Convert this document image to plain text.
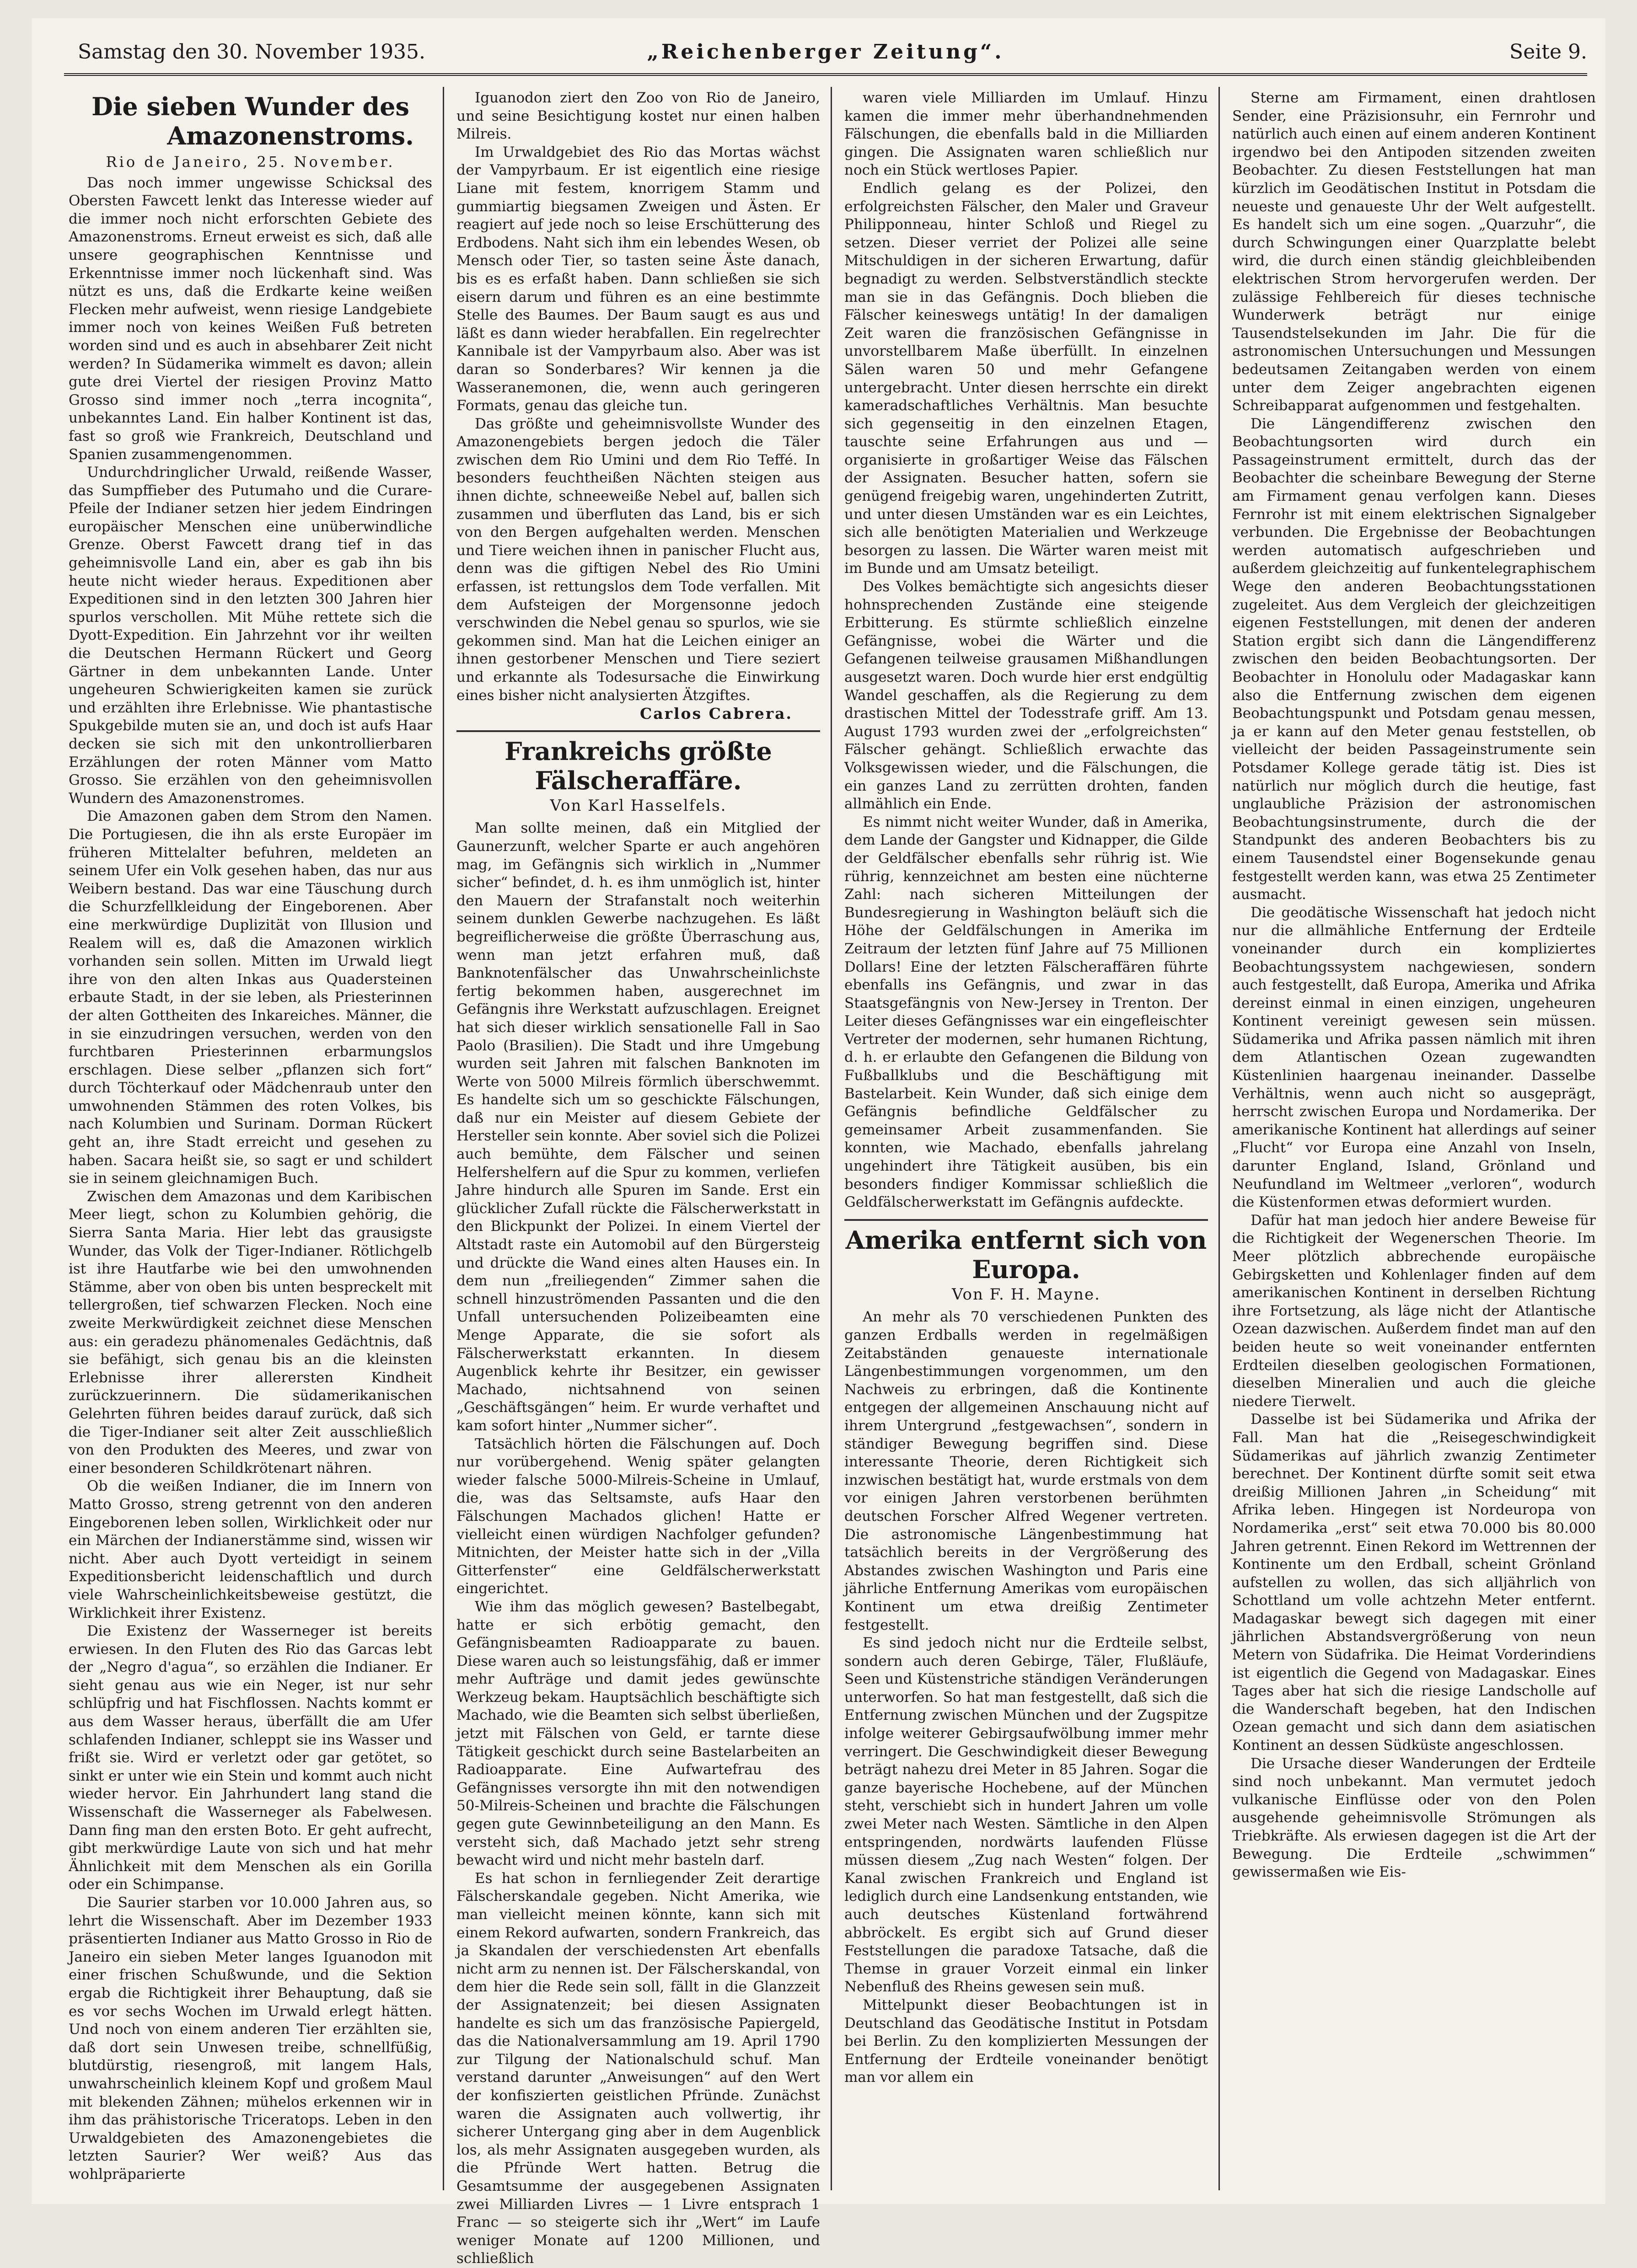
Samstag den 30. November 1935.	„Reichenberger Zeitung“.	Seite 9.
Die sieben Wunder des
Amazonenstroms.
Rio de Janeiro, 25. November.

Das noch immer ungewisse Schicksal des Obersten Fawcett lenkt das Interesse wieder auf die immer noch nicht erforschten Gebiete des Amazonenstroms. Erneut erweist es sich, daß alle unsere geographischen Kenntnisse und Erkenntnisse immer noch lückenhaft sind. Was nützt es uns, daß die Erdkarte keine weißen Flecken mehr aufweist, wenn riesige Landgebiete immer noch von keines Weißen Fuß betreten worden sind und es auch in absehbarer Zeit nicht werden? In Südamerika wimmelt es davon; allein gute drei Viertel der riesigen Provinz Matto Grosso sind immer noch „terra incognita“, unbekanntes Land. Ein halber Kontinent ist das, fast so groß wie Frankreich, Deutschland und Spanien zusammengenommen.

Undurchdringlicher Urwald, reißende Wasser, das Sumpffieber des Putumaho und die Curare-Pfeile der Indianer setzen hier jedem Eindringen europäischer Menschen eine unüberwindliche Grenze. Oberst Fawcett drang tief in das geheimnisvolle Land ein, aber es gab ihn bis heute nicht wieder heraus. Expeditionen aber Expeditionen sind in den letzten 300 Jahren hier spurlos verschollen. Mit Mühe rettete sich die Dyott-Expedition. Ein Jahrzehnt vor ihr weilten die Deutschen Hermann Rückert und Georg Gärtner in dem unbekannten Lande. Unter ungeheuren Schwierigkeiten kamen sie zurück und erzählten ihre Erlebnisse. Wie phantastische Spukgebilde muten sie an, und doch ist aufs Haar decken sie sich mit den unkontrollierbaren Erzählungen der roten Männer vom Matto Grosso. Sie erzählen von den geheimnisvollen Wundern des Amazonenstromes.

Die Amazonen gaben dem Strom den Namen. Die Portugiesen, die ihn als erste Europäer im früheren Mittelalter befuhren, meldeten an seinem Ufer ein Volk gesehen haben, das nur aus Weibern bestand. Das war eine Täuschung durch die Schurzfellkleidung der Eingeborenen. Aber eine merkwürdige Duplizität von Illusion und Realem will es, daß die Amazonen wirklich vorhanden sein sollen. Mitten im Urwald liegt ihre von den alten Inkas aus Quadersteinen erbaute Stadt, in der sie leben, als Priesterinnen der alten Gottheiten des Inkareiches. Männer, die in sie einzudringen versuchen, werden von den furchtbaren Priesterinnen erbarmungslos erschlagen. Diese selber „pflanzen sich fort“ durch Töchterkauf oder Mädchenraub unter den umwohnenden Stämmen des roten Volkes, bis nach Kolumbien und Surinam. Dorman Rückert geht an, ihre Stadt erreicht und gesehen zu haben. Sacara heißt sie, so sagt er und schildert sie in seinem gleichnamigen Buch.

Zwischen dem Amazonas und dem Karibischen Meer liegt, schon zu Kolumbien gehörig, die Sierra Santa Maria. Hier lebt das grausigste Wunder, das Volk der Tiger-Indianer. Rötlichgelb ist ihre Hautfarbe wie bei den umwohnenden Stämme, aber von oben bis unten bespreckelt mit tellergroßen, tief schwarzen Flecken. Noch eine zweite Merkwürdigkeit zeichnet diese Menschen aus: ein geradezu phänomenales Gedächtnis, daß sie befähigt, sich genau bis an die kleinsten Erlebnisse ihrer allerersten Kindheit zurückzuerinnern. Die südamerikanischen Gelehrten führen beides darauf zurück, daß sich die Tiger-Indianer seit alter Zeit ausschließlich von den Produkten des Meeres, und zwar von einer besonderen Schildkrötenart nähren.

Ob die weißen Indianer, die im Innern von Matto Grosso, streng getrennt von den anderen Eingeborenen leben sollen, Wirklichkeit oder nur ein Märchen der Indianerstämme sind, wissen wir nicht. Aber auch Dyott verteidigt in seinem Expeditionsbericht leidenschaftlich und durch viele Wahrscheinlichkeitsbeweise gestützt, die Wirklichkeit ihrer Existenz.

Die Existenz der Wasserneger ist bereits erwiesen. In den Fluten des Rio das Garcas lebt der „Negro d'agua“, so erzählen die Indianer. Er sieht genau aus wie ein Neger, ist nur sehr schlüpfrig und hat Fischflossen. Nachts kommt er aus dem Wasser heraus, überfällt die am Ufer schlafenden Indianer, schleppt sie ins Wasser und frißt sie. Wird er verletzt oder gar getötet, so sinkt er unter wie ein Stein und kommt auch nicht wieder hervor. Ein Jahrhundert lang stand die Wissenschaft die Wasserneger als Fabelwesen. Dann fing man den ersten Boto. Er geht aufrecht, gibt merkwürdige Laute von sich und hat mehr Ähnlichkeit mit dem Menschen als ein Gorilla oder ein Schimpanse.

Die Saurier starben vor 10.000 Jahren aus, so lehrt die Wissenschaft. Aber im Dezember 1933 präsentierten Indianer aus Matto Grosso in Rio de Janeiro ein sieben Meter langes Iguanodon mit einer frischen Schußwunde, und die Sektion ergab die Richtigkeit ihrer Behauptung, daß sie es vor sechs Wochen im Urwald erlegt hätten. Und noch von einem anderen Tier erzählten sie, daß dort sein Unwesen treibe, schnellfüßig, blutdürstig, riesengroß, mit langem Hals, unwahrscheinlich kleinem Kopf und großem Maul mit blekenden Zähnen; mühelos erkennen wir in ihm das prähistorische Triceratops. Leben in den Urwaldgebieten des Amazonengebietes die letzten Saurier? Wer weiß? Aus das wohlpräparierte

Iguanodon ziert den Zoo von Rio de Janeiro, und seine Besichtigung kostet nur einen halben Milreis.

Im Urwaldgebiet des Rio das Mortas wächst der Vampyrbaum. Er ist eigentlich eine riesige Liane mit festem, knorrigem Stamm und gummiartig biegsamen Zweigen und Ästen. Er reagiert auf jede noch so leise Erschütterung des Erdbodens. Naht sich ihm ein lebendes Wesen, ob Mensch oder Tier, so tasten seine Äste danach, bis es es erfaßt haben. Dann schließen sie sich eisern darum und führen es an eine bestimmte Stelle des Baumes. Der Baum saugt es aus und läßt es dann wieder herabfallen. Ein regelrechter Kannibale ist der Vampyrbaum also. Aber was ist daran so Sonderbares? Wir kennen ja die Wasseranemonen, die, wenn auch geringeren Formats, genau das gleiche tun.

Das größte und geheimnisvollste Wunder des Amazonengebiets bergen jedoch die Täler zwischen dem Rio Umini und dem Rio Teffé. In besonders feuchtheißen Nächten steigen aus ihnen dichte, schneeweiße Nebel auf, ballen sich zusammen und überfluten das Land, bis er sich von den Bergen aufgehalten werden. Menschen und Tiere weichen ihnen in panischer Flucht aus, denn was die giftigen Nebel des Rio Umini erfassen, ist rettungslos dem Tode verfallen. Mit dem Aufsteigen der Morgensonne jedoch verschwinden die Nebel genau so spurlos, wie sie gekommen sind. Man hat die Leichen einiger an ihnen gestorbener Menschen und Tiere seziert und erkannte als Todesursache die Einwirkung eines bisher nicht analysierten Ätzgiftes.

Carlos Cabrera.
Frankreichs größte Fälscheraffäre.
Von Karl Hasselfels.

Man sollte meinen, daß ein Mitglied der Gaunerzunft, welcher Sparte er auch angehören mag, im Gefängnis sich wirklich in „Nummer sicher“ befindet, d. h. es ihm unmöglich ist, hinter den Mauern der Strafanstalt noch weiterhin seinem dunklen Gewerbe nachzugehen. Es läßt begreiflicherweise die größte Überraschung aus, wenn man jetzt erfahren muß, daß Banknotenfälscher das Unwahrscheinlichste fertig bekommen haben, ausgerechnet im Gefängnis ihre Werkstatt aufzuschlagen. Ereignet hat sich dieser wirklich sensationelle Fall in Sao Paolo (Brasilien). Die Stadt und ihre Umgebung wurden seit Jahren mit falschen Banknoten im Werte von 5000 Milreis förmlich überschwemmt. Es handelte sich um so geschickte Fälschungen, daß nur ein Meister auf diesem Gebiete der Hersteller sein konnte. Aber soviel sich die Polizei auch bemühte, dem Fälscher und seinen Helfershelfern auf die Spur zu kommen, verliefen Jahre hindurch alle Spuren im Sande. Erst ein glücklicher Zufall rückte die Fälscherwerkstatt in den Blickpunkt der Polizei. In einem Viertel der Altstadt raste ein Automobil auf den Bürgersteig und drückte die Wand eines alten Hauses ein. In dem nun „freiliegenden“ Zimmer sahen die schnell hinzuströmenden Passanten und die den Unfall untersuchenden Polizeibeamten eine Menge Apparate, die sie sofort als Fälscherwerkstatt erkannten. In diesem Augenblick kehrte ihr Besitzer, ein gewisser Machado, nichtsahnend von seinen „Geschäftsgängen“ heim. Er wurde verhaftet und kam sofort hinter „Nummer sicher“.

Tatsächlich hörten die Fälschungen auf. Doch nur vorübergehend. Wenig später gelangten wieder falsche 5000-Milreis-Scheine in Umlauf, die, was das Seltsamste, aufs Haar den Fälschungen Machados glichen! Hatte er vielleicht einen würdigen Nachfolger gefunden? Mitnichten, der Meister hatte sich in der „Villa Gitterfenster“ eine Geldfälscherwerkstatt eingerichtet.

Wie ihm das möglich gewesen? Bastelbegabt, hatte er sich erbötig gemacht, den Gefängnisbeamten Radioapparate zu bauen. Diese waren auch so leistungsfähig, daß er immer mehr Aufträge und damit jedes gewünschte Werkzeug bekam. Hauptsächlich beschäftigte sich Machado, wie die Beamten sich selbst überließen, jetzt mit Fälschen von Geld, er tarnte diese Tätigkeit geschickt durch seine Bastelarbeiten an Radioapparate. Eine Aufwartefrau des Gefängnisses versorgte ihn mit den notwendigen 50-Milreis-Scheinen und brachte die Fälschungen gegen gute Gewinnbeteiligung an den Mann. Es versteht sich, daß Machado jetzt sehr streng bewacht wird und nicht mehr basteln darf.

Es hat schon in fernliegender Zeit derartige Fälscherskandale gegeben. Nicht Amerika, wie man vielleicht meinen könnte, kann sich mit einem Rekord aufwarten, sondern Frankreich, das ja Skandalen der verschiedensten Art ebenfalls nicht arm zu nennen ist. Der Fälscherskandal, von dem hier die Rede sein soll, fällt in die Glanzzeit der Assignatenzeit; bei diesen Assignaten handelte es sich um das französische Papiergeld, das die Nationalversammlung am 19. April 1790 zur Tilgung der Nationalschuld schuf. Man verstand darunter „Anweisungen“ auf den Wert der konfiszierten geistlichen Pfründe. Zunächst waren die Assignaten auch vollwertig, ihr sicherer Untergang ging aber in dem Augenblick los, als mehr Assignaten ausgegeben wurden, als die Pfründe Wert hatten. Betrug die Gesamtsumme der ausgegebenen Assignaten zwei Milliarden Livres — 1 Livre entsprach 1 Franc — so steigerte sich ihr „Wert“ im Laufe weniger Monate auf 1200 Millionen, und schließlich

waren viele Milliarden im Umlauf. Hinzu kamen die immer mehr überhandnehmenden Fälschungen, die ebenfalls bald in die Milliarden gingen. Die Assignaten waren schließlich nur noch ein Stück wertloses Papier.

Endlich gelang es der Polizei, den erfolgreichsten Fälscher, den Maler und Graveur Philipponneau, hinter Schloß und Riegel zu setzen. Dieser verriet der Polizei alle seine Mitschuldigen in der sicheren Erwartung, dafür begnadigt zu werden. Selbstverständlich steckte man sie in das Gefängnis. Doch blieben die Fälscher keineswegs untätig! In der damaligen Zeit waren die französischen Gefängnisse in unvorstellbarem Maße überfüllt. In einzelnen Sälen waren 50 und mehr Gefangene untergebracht. Unter diesen herrschte ein direkt kameradschaftliches Verhältnis. Man besuchte sich gegenseitig in den einzelnen Etagen, tauschte seine Erfahrungen aus und — organisierte in großartiger Weise das Fälschen der Assignaten. Besucher hatten, sofern sie genügend freigebig waren, ungehinderten Zutritt, und unter diesen Umständen war es ein Leichtes, sich alle benötigten Materialien und Werkzeuge besorgen zu lassen. Die Wärter waren meist mit im Bunde und am Umsatz beteiligt.

Des Volkes bemächtigte sich angesichts dieser hohnsprechenden Zustände eine steigende Erbitterung. Es stürmte schließlich einzelne Gefängnisse, wobei die Wärter und die Gefangenen teilweise grausamen Mißhandlungen ausgesetzt waren. Doch wurde hier erst endgültig Wandel geschaffen, als die Regierung zu dem drastischen Mittel der Todesstrafe griff. Am 13. August 1793 wurden zwei der „erfolgreichsten“ Fälscher gehängt. Schließlich erwachte das Volksgewissen wieder, und die Fälschungen, die ein ganzes Land zu zerrütten drohten, fanden allmählich ein Ende.

Es nimmt nicht weiter Wunder, daß in Amerika, dem Lande der Gangster und Kidnapper, die Gilde der Geldfälscher ebenfalls sehr rührig ist. Wie rührig, kennzeichnet am besten eine nüchterne Zahl: nach sicheren Mitteilungen der Bundesregierung in Washington beläuft sich die Höhe der Geldfälschungen in Amerika im Zeitraum der letzten fünf Jahre auf 75 Millionen Dollars! Eine der letzten Fälscheraffären führte ebenfalls ins Gefängnis, und zwar in das Staatsgefängnis von New-Jersey in Trenton. Der Leiter dieses Gefängnisses war ein eingefleischter Vertreter der modernen, sehr humanen Richtung, d. h. er erlaubte den Gefangenen die Bildung von Fußballklubs und die Beschäftigung mit Bastelarbeit. Kein Wunder, daß sich einige dem Gefängnis befindliche Geldfälscher zu gemeinsamer Arbeit zusammenfanden. Sie konnten, wie Machado, ebenfalls jahrelang ungehindert ihre Tätigkeit ausüben, bis ein besonders findiger Kommissar schließlich die Geldfälscherwerkstatt im Gefängnis aufdeckte.

Amerika entfernt sich von Europa.
Von F. H. Mayne.

An mehr als 70 verschiedenen Punkten des ganzen Erdballs werden in regelmäßigen Zeitabständen genaueste internationale Längenbestimmungen vorgenommen, um den Nachweis zu erbringen, daß die Kontinente entgegen der allgemeinen Anschauung nicht auf ihrem Untergrund „festgewachsen“, sondern in ständiger Bewegung begriffen sind. Diese interessante Theorie, deren Richtigkeit sich inzwischen bestätigt hat, wurde erstmals von dem vor einigen Jahren verstorbenen berühmten deutschen Forscher Alfred Wegener vertreten. Die astronomische Längenbestimmung hat tatsächlich bereits in der Vergrößerung des Abstandes zwischen Washington und Paris eine jährliche Entfernung Amerikas vom europäischen Kontinent um etwa dreißig Zentimeter festgestellt.

Es sind jedoch nicht nur die Erdteile selbst, sondern auch deren Gebirge, Täler, Flußläufe, Seen und Küstenstriche ständigen Veränderungen unterworfen. So hat man festgestellt, daß sich die Entfernung zwischen München und der Zugspitze infolge weiterer Gebirgsaufwölbung immer mehr verringert. Die Geschwindigkeit dieser Bewegung beträgt nahezu drei Meter in 85 Jahren. Sogar die ganze bayerische Hochebene, auf der München steht, verschiebt sich in hundert Jahren um volle zwei Meter nach Westen. Sämtliche in den Alpen entspringenden, nordwärts laufenden Flüsse müssen diesem „Zug nach Westen“ folgen. Der Kanal zwischen Frankreich und England ist lediglich durch eine Landsenkung entstanden, wie auch deutsches Küstenland fortwährend abbröckelt. Es ergibt sich auf Grund dieser Feststellungen die paradoxe Tatsache, daß die Themse in grauer Vorzeit einmal ein linker Nebenfluß des Rheins gewesen sein muß.

Mittelpunkt dieser Beobachtungen ist in Deutschland das Geodätische Institut in Potsdam bei Berlin. Zu den komplizierten Messungen der Entfernung der Erdteile voneinander benötigt man vor allem ein

Sterne am Firmament, einen drahtlosen Sender, eine Präzisionsuhr, ein Fernrohr und natürlich auch einen auf einem anderen Kontinent irgendwo bei den Antipoden sitzenden zweiten Beobachter. Zu diesen Feststellungen hat man kürzlich im Geodätischen Institut in Potsdam die neueste und genaueste Uhr der Welt aufgestellt. Es handelt sich um eine sogen. „Quarzuhr“, die durch Schwingungen einer Quarzplatte belebt wird, die durch einen ständig gleichbleibenden elektrischen Strom hervorgerufen werden. Der zulässige Fehlbereich für dieses technische Wunderwerk beträgt nur einige Tausendstelsekunden im Jahr. Die für die astronomischen Untersuchungen und Messungen bedeutsamen Zeitangaben werden von einem unter dem Zeiger angebrachten eigenen Schreibapparat aufgenommen und festgehalten.

Die Längendifferenz zwischen den Beobachtungsorten wird durch ein Passageinstrument ermittelt, durch das der Beobachter die scheinbare Bewegung der Sterne am Firmament genau verfolgen kann. Dieses Fernrohr ist mit einem elektrischen Signalgeber verbunden. Die Ergebnisse der Beobachtungen werden automatisch aufgeschrieben und außerdem gleichzeitig auf funkentelegraphischem Wege den anderen Beobachtungsstationen zugeleitet. Aus dem Vergleich der gleichzeitigen eigenen Feststellungen, mit denen der anderen Station ergibt sich dann die Längendifferenz zwischen den beiden Beobachtungsorten. Der Beobachter in Honolulu oder Madagaskar kann also die Entfernung zwischen dem eigenen Beobachtungspunkt und Potsdam genau messen, ja er kann auf den Meter genau feststellen, ob vielleicht der beiden Passageinstrumente sein Potsdamer Kollege gerade tätig ist. Dies ist natürlich nur möglich durch die heutige, fast unglaubliche Präzision der astronomischen Beobachtungsinstrumente, durch die der Standpunkt des anderen Beobachters bis zu einem Tausendstel einer Bogensekunde genau festgestellt werden kann, was etwa 25 Zentimeter ausmacht.

Die geodätische Wissenschaft hat jedoch nicht nur die allmähliche Entfernung der Erdteile voneinander durch ein kompliziertes Beobachtungssystem nachgewiesen, sondern auch festgestellt, daß Europa, Amerika und Afrika dereinst einmal in einen einzigen, ungeheuren Kontinent vereinigt gewesen sein müssen. Südamerika und Afrika passen nämlich mit ihren dem Atlantischen Ozean zugewandten Küstenlinien haargenau ineinander. Dasselbe Verhältnis, wenn auch nicht so ausgeprägt, herrscht zwischen Europa und Nordamerika. Der amerikanische Kontinent hat allerdings auf seiner „Flucht“ vor Europa eine Anzahl von Inseln, darunter England, Island, Grönland und Neufundland im Weltmeer „verloren“, wodurch die Küstenformen etwas deformiert wurden.

Dafür hat man jedoch hier andere Beweise für die Richtigkeit der Wegenerschen Theorie. Im Meer plötzlich abbrechende europäische Gebirgsketten und Kohlenlager finden auf dem amerikanischen Kontinent in derselben Richtung ihre Fortsetzung, als läge nicht der Atlantische Ozean dazwischen. Außerdem findet man auf den beiden heute so weit voneinander entfernten Erdteilen dieselben geologischen Formationen, dieselben Mineralien und auch die gleiche niedere Tierwelt.

Dasselbe ist bei Südamerika und Afrika der Fall. Man hat die „Reisegeschwindigkeit Südamerikas auf jährlich zwanzig Zentimeter berechnet. Der Kontinent dürfte somit seit etwa dreißig Millionen Jahren „in Scheidung“ mit Afrika leben. Hingegen ist Nordeuropa von Nordamerika „erst“ seit etwa 70.000 bis 80.000 Jahren getrennt. Einen Rekord im Wettrennen der Kontinente um den Erdball, scheint Grönland aufstellen zu wollen, das sich alljährlich von Schottland um volle achtzehn Meter entfernt. Madagaskar bewegt sich dagegen mit einer jährlichen Abstandsvergrößerung von neun Metern von Südafrika. Die Heimat Vorderindiens ist eigentlich die Gegend von Madagaskar. Eines Tages aber hat sich die riesige Landscholle auf die Wanderschaft begeben, hat den Indischen Ozean gemacht und sich dann dem asiatischen Kontinent an dessen Südküste angeschlossen.

Die Ursache dieser Wanderungen der Erdteile sind noch unbekannt. Man vermutet jedoch vulkanische Einflüsse oder von den Polen ausgehende geheimnisvolle Strömungen als Triebkräfte. Als erwiesen dagegen ist die Art der Bewegung. Die Erdteile „schwimmen“ gewissermaßen wie Eis-
